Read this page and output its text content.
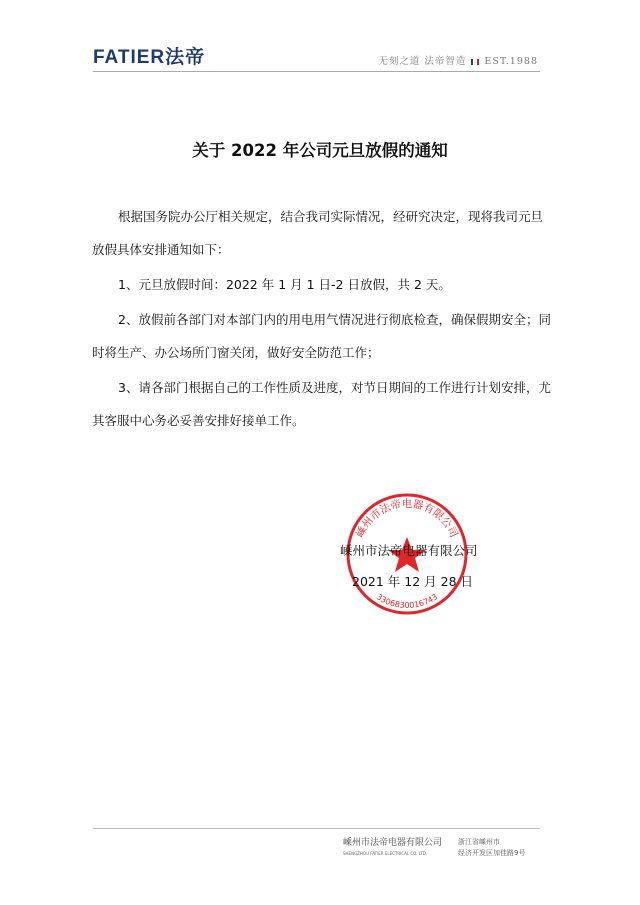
FATIER法帝	无刻之道 法帝智造 EST.1988
关于 2022 年公司元旦放假的通知

根据国务院办公厅相关规定，结合我司实际情况，经研究决定，现将我司元旦放假具体安排通知如下：

1、元旦放假时间：2022 年 1 月 1 日-2 日放假，共 2 天。

2、放假前各部门对本部门内的用电用气情况进行彻底检查，确保假期安全；同时将生产、办公场所门窗关闭，做好安全防范工作；

3、请各部门根据自己的工作性质及进度，对节日期间的工作进行计划安排，尤其客服中心务必妥善安排好接单工作。

嵊州市法帝电器有限公司
3306830016743
嵊州市法帝电器有限公司
2021 年 12 月 28 日
嵊州市法帝电器有限公司
SHENGZHOU FATIER ELECTRICAL CO. LTD.
浙江省嵊州市
经济开发区加佳路9号
